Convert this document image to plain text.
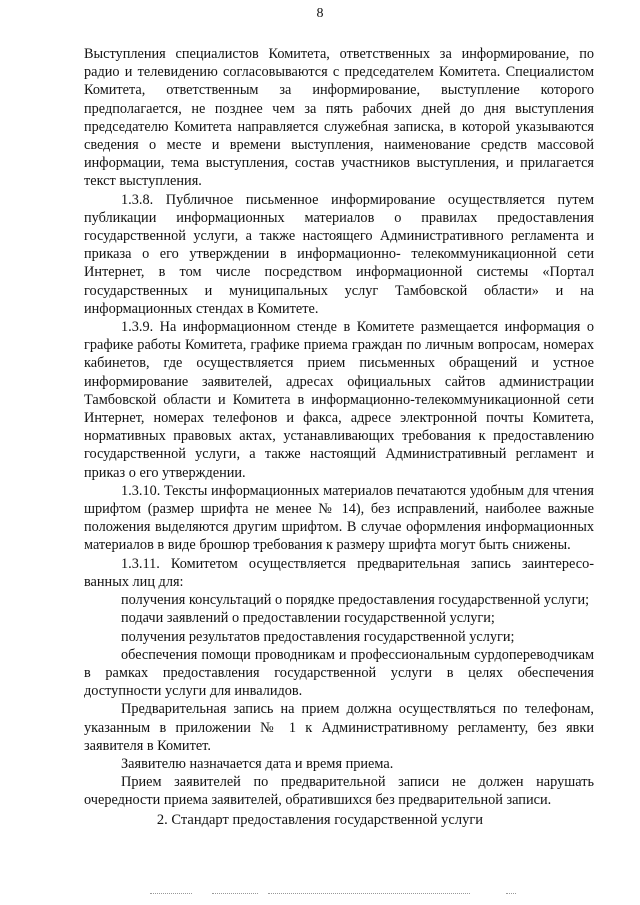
8

Выступления специалистов Комитета, ответственных за информирование, по радио и телевидению согласовываются с председателем Комитета. Специалистом Комитета, ответственным за информирование, выступление которого предполагается, не позднее чем за пять рабочих дней до дня выступления председателю Комитета направляется служебная записка, в которой указываются сведения о месте и времени выступления, наименование средств массовой информации, тема выступления, состав участников выступления, и прилагается текст выступления.

1.3.8. Публичное письменное информирование осуществляется путем публикации информационных материалов о правилах предоставления государственной услуги, а также настоящего Административного регламента и приказа о его утверждении в информационно- телекоммуникационной сети Интернет, в том числе посредством информационной системы «Портал государственных и муниципальных услуг Тамбовской области» и на информационных стендах в Комитете.

1.3.9. На информационном стенде в Комитете размещается информация о графике работы Комитета, графике приема граждан по личным вопросам, номерах кабинетов, где осуществляется прием письменных обращений и устное информирование заявителей, адресах официальных сайтов администрации Тамбовской области и Комитета в информационно-телекоммуникационной сети Интернет, номерах телефонов и факса, адресе электронной почты Комитета, нормативных правовых актах, устанавливающих требования к предоставлению государственной услуги, а также настоящий Административный регламент и приказ о его утверждении.

1.3.10. Тексты информационных материалов печатаются удобным для чтения шрифтом (размер шрифта не менее № 14), без исправлений, наиболее важные положения выделяются другим шрифтом. В случае оформления информационных материалов в виде брошюр требования к размеру шрифта могут быть снижены.

1.3.11. Комитетом осуществляется предварительная запись заинтересо-ванных лиц для:

получения консультаций о порядке предоставления государственной услуги;

подачи заявлений о предоставлении государственной услуги;

получения результатов предоставления государственной услуги;

обеспечения помощи проводникам и профессиональным сурдопереводчикам в рамках предоставления государственной услуги в целях обеспечения доступности услуги для инвалидов.

Предварительная запись на прием должна осуществляться по телефонам, указанным в приложении № 1 к Административному регламенту, без явки заявителя в Комитет.

Заявителю назначается дата и время приема.

Прием заявителей по предварительной записи не должен нарушать очередности приема заявителей, обратившихся без предварительной записи.

2. Стандарт предоставления государственной услуги
